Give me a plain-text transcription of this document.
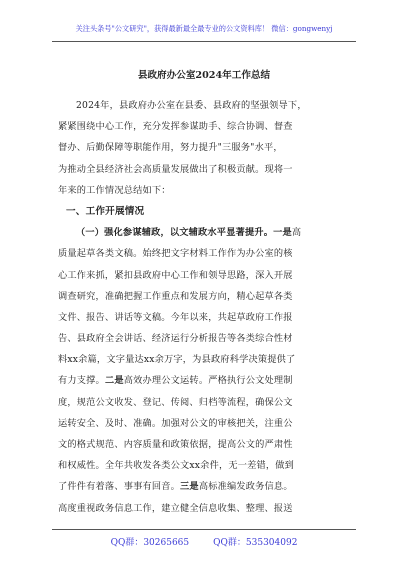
关注头条号"公文研究"，获得最新最全最专业的公文资料库！ 微信：gongwenyj
县政府办公室2024年工作总结
2024年，县政府办公室在县委、县政府的坚强领导下，
紧紧围绕中心工作，充分发挥参谋助手、综合协调、督查
督办、后勤保障等职能作用，努力提升"三服务"水平，
为推动全县经济社会高质量发展做出了积极贡献。现将一
年来的工作情况总结如下：
一、工作开展情况
（一）强化参谋辅政，以文辅政水平显著提升。一是高
质量起草各类文稿。始终把文字材料工作作为办公室的核
心工作来抓，紧扣县政府中心工作和领导思路，深入开展
调查研究，准确把握工作重点和发展方向，精心起草各类
文件、报告、讲话等文稿。今年以来，共起草政府工作报
告、县政府全会讲话、经济运行分析报告等各类综合性材
料xx余篇，文字量达xx余万字，为县政府科学决策提供了
有力支撑。二是高效办理公文运转。严格执行公文处理制
度，规范公文收发、登记、传阅、归档等流程，确保公文
运转安全、及时、准确。加强对公文的审核把关，注重公
文的格式规范、内容质量和政策依据，提高公文的严肃性
和权威性。全年共收发各类公文xx余件，无一差错，做到
了件件有着落、事事有回音。三是高标准编发政务信息。
高度重视政务信息工作，建立健全信息收集、整理、报送
QQ群：30265665	QQ群：535304092
